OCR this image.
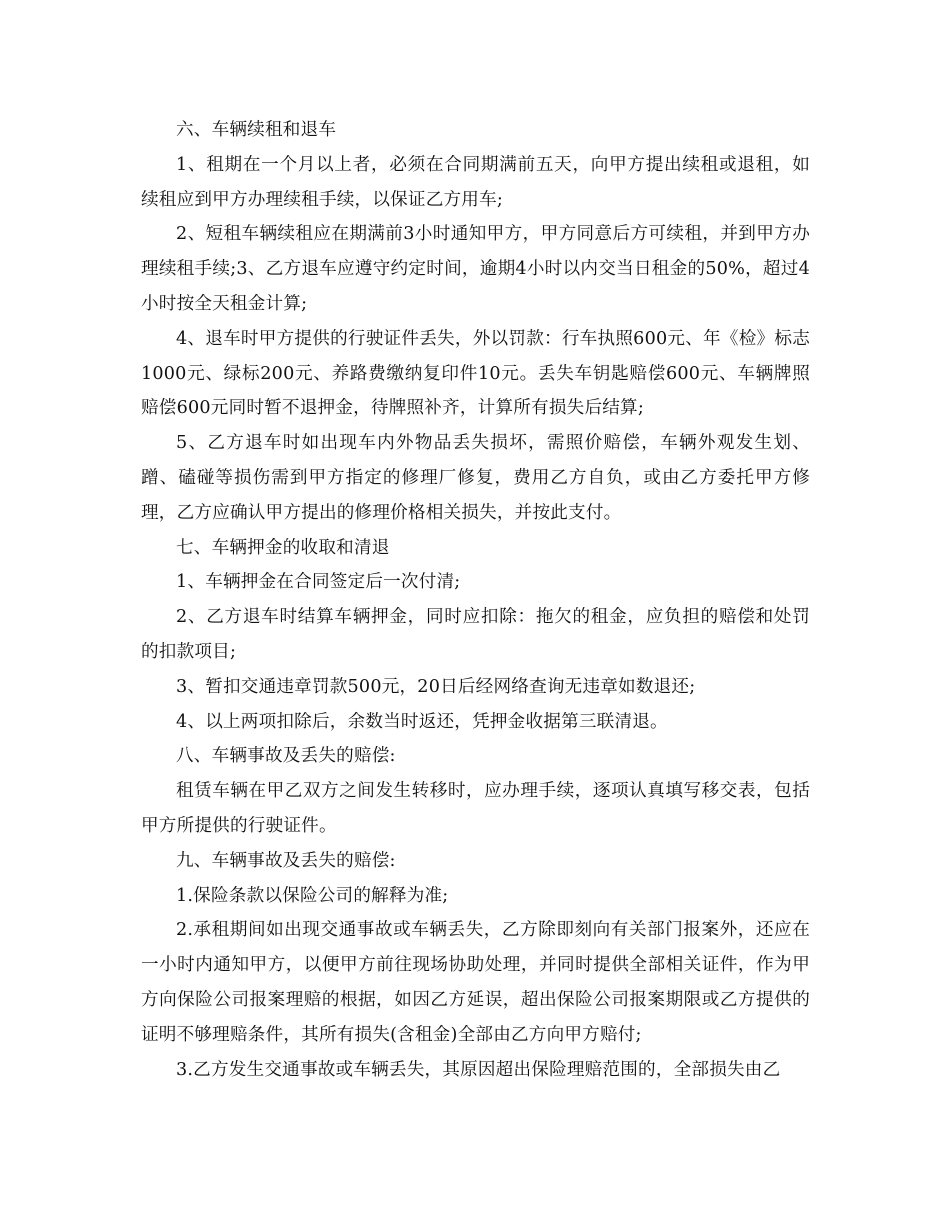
六、车辆续租和退车

1、租期在一个月以上者，必须在合同期满前五天，向甲方提出续租或退租，如续租应到甲方办理续租手续，以保证乙方用车;

2、短租车辆续租应在期满前3小时通知甲方，甲方同意后方可续租，并到甲方办理续租手续;3、乙方退车应遵守约定时间，逾期4小时以内交当日租金的50%，超过4小时按全天租金计算;

4、退车时甲方提供的行驶证件丢失，外以罚款：行车执照600元、年《检》标志1000元、绿标200元、养路费缴纳复印件10元。丢失车钥匙赔偿600元、车辆牌照赔偿600元同时暂不退押金，待牌照补齐，计算所有损失后结算;

5、乙方退车时如出现车内外物品丢失损坏，需照价赔偿，车辆外观发生划、蹭、磕碰等损伤需到甲方指定的修理厂修复，费用乙方自负，或由乙方委托甲方修理，乙方应确认甲方提出的修理价格相关损失，并按此支付。

七、车辆押金的收取和清退

1、车辆押金在合同签定后一次付清;

2、乙方退车时结算车辆押金，同时应扣除：拖欠的租金，应负担的赔偿和处罚的扣款项目;

3、暂扣交通违章罚款500元，20日后经网络查询无违章如数退还;

4、以上两项扣除后，余数当时返还，凭押金收据第三联清退。

八、车辆事故及丢失的赔偿:

租赁车辆在甲乙双方之间发生转移时，应办理手续，逐项认真填写移交表，包括甲方所提供的行驶证件。

九、车辆事故及丢失的赔偿:

1.保险条款以保险公司的解释为准;

2.承租期间如出现交通事故或车辆丢失，乙方除即刻向有关部门报案外，还应在一小时内通知甲方，以便甲方前往现场协助处理，并同时提供全部相关证件，作为甲方向保险公司报案理赔的根据，如因乙方延误，超出保险公司报案期限或乙方提供的证明不够理赔条件，其所有损失(含租金)全部由乙方向甲方赔付;

3.乙方发生交通事故或车辆丢失，其原因超出保险理赔范围的，全部损失由乙
